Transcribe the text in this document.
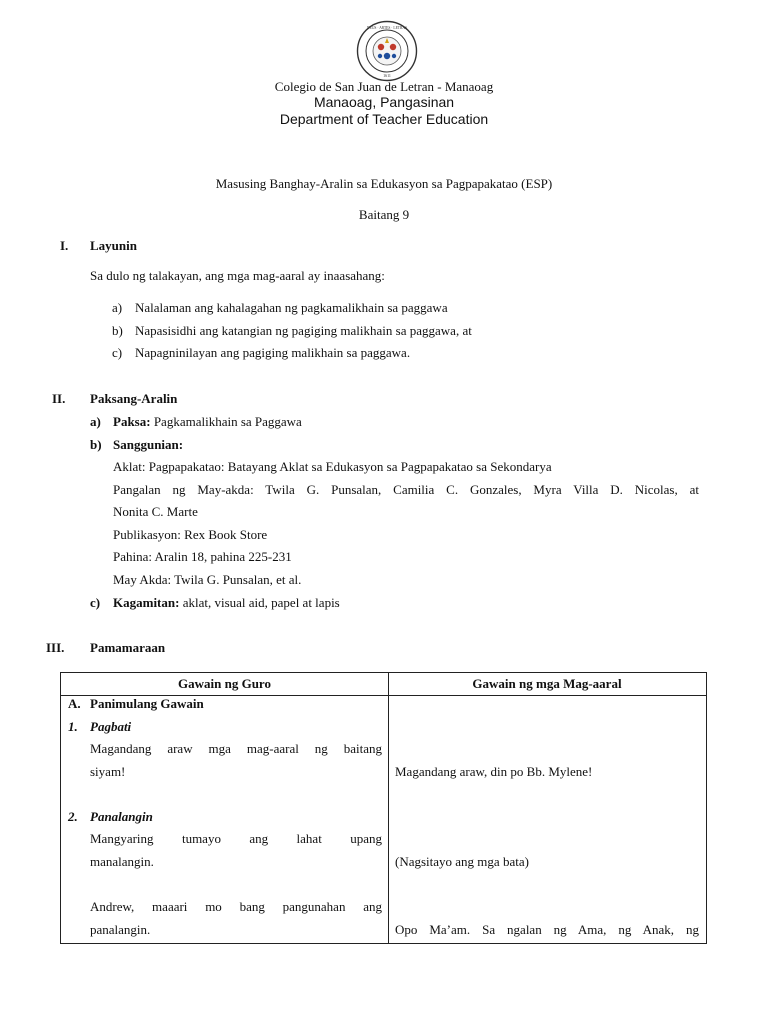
DEUS · ARTES · LETRAS
1611
Colegio de San Juan de Letran - Manaoag
Manaoag, Pangasinan
Department of Teacher Education
Masusing Banghay-Aralin sa Edukasyon sa Pagpapakatao (ESP)
Baitang 9
I. Layunin
Sa dulo ng talakayan, ang mga mag-aaral ay inaasahang:
a) Nalalaman ang kahalagahan ng pagkamalikhain sa paggawa
b) Napasisidhi ang katangian ng pagiging malikhain sa paggawa, at
c) Napagninilayan ang pagiging malikhain sa paggawa.
II. Paksang-Aralin
a) Paksa: Pagkamalikhain sa Paggawa
b) Sanggunian:
Aklat: Pagpapakatao: Batayang Aklat sa Edukasyon sa Pagpapakatao sa Sekondarya
Pangalan ng May-akda: Twila G. Punsalan, Camilia C. Gonzales, Myra Villa D. Nicolas, at
Nonita C. Marte
Publikasyon: Rex Book Store
Pahina: Aralin 18, pahina 225-231
May Akda: Twila G. Punsalan, et al.
c) Kagamitan: aklat, visual aid, papel at lapis
III. Pamamaraan
Gawain ng Guro	Gawain ng mga Mag-aaral
A. Panimulang Gawain
1. Pagbati
Magandang araw mga mag-aaral ng baitang
siyam!	Magandang araw, din po Bb. Mylene!
2. Panalangin
Mangyaring tumayo ang lahat upang
manalangin.	(Nagsitayo ang mga bata)
Andrew, maaari mo bang pangunahan ang
panalangin.	Opo Ma’am. Sa ngalan ng Ama, ng Anak, ng
